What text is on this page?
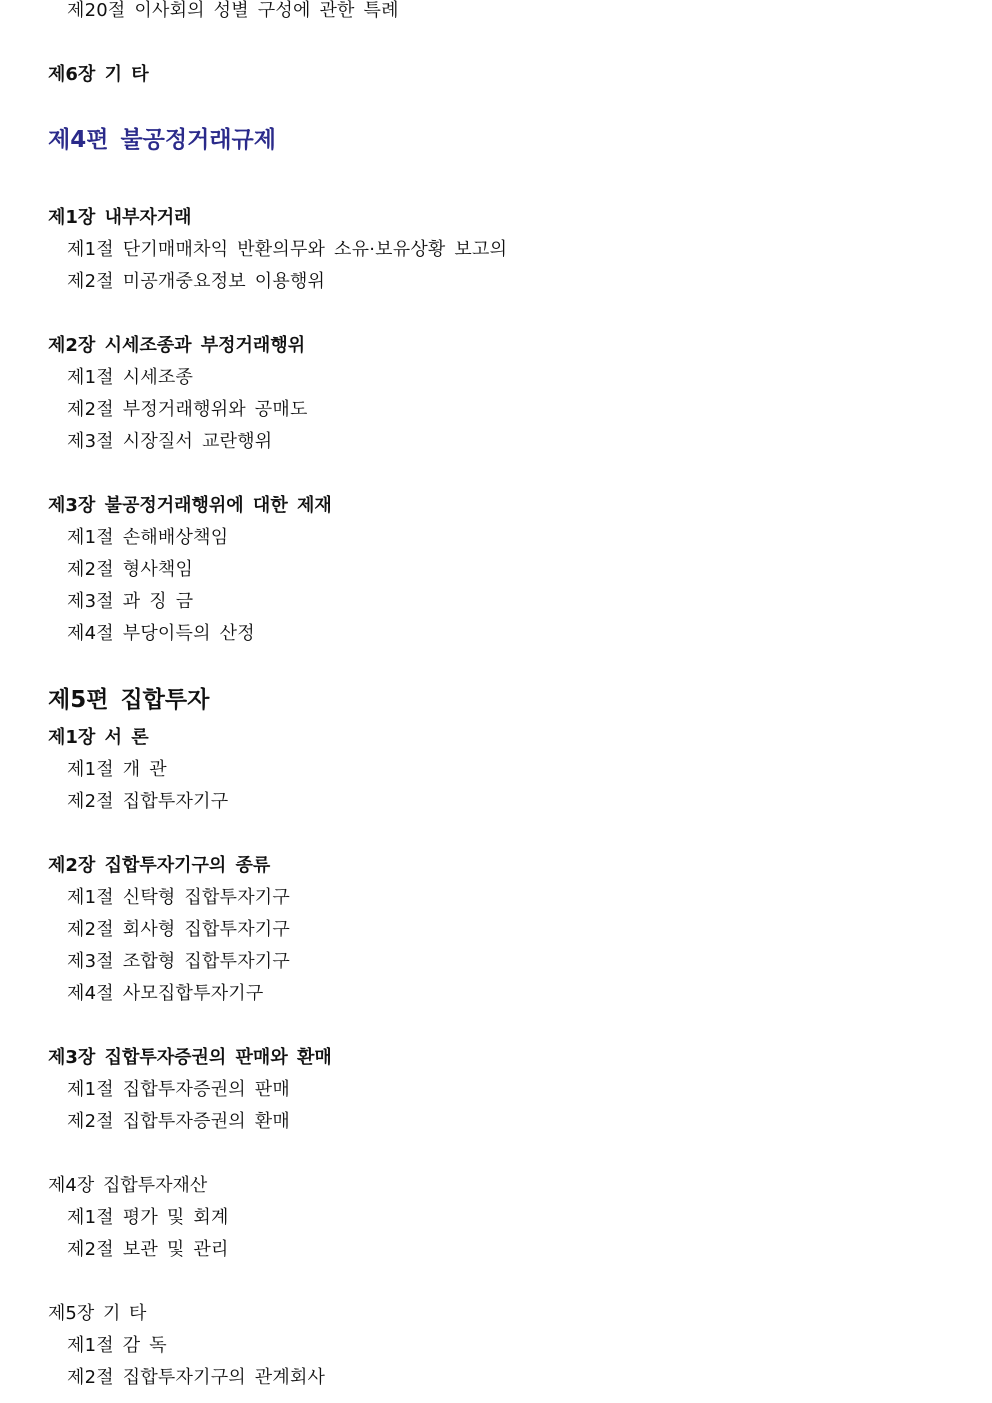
제20절 이사회의 성별 구성에 관한 특례
제6장 기 타
제4편 불공정거래규제
제1장 내부자거래
제1절 단기매매차익 반환의무와 소유·보유상황 보고의
제2절 미공개중요정보 이용행위
제2장 시세조종과 부정거래행위
제1절 시세조종
제2절 부정거래행위와 공매도
제3절 시장질서 교란행위
제3장 불공정거래행위에 대한 제재
제1절 손해배상책임
제2절 형사책임
제3절 과 징 금
제4절 부당이득의 산정
제5편 집합투자
제1장 서 론
제1절 개 관
제2절 집합투자기구
제2장 집합투자기구의 종류
제1절 신탁형 집합투자기구
제2절 회사형 집합투자기구
제3절 조합형 집합투자기구
제4절 사모집합투자기구
제3장 집합투자증권의 판매와 환매
제1절 집합투자증권의 판매
제2절 집합투자증권의 환매
제4장 집합투자재산
제1절 평가 및 회계
제2절 보관 및 관리
제5장 기 타
제1절 감 독
제2절 집합투자기구의 관계회사
